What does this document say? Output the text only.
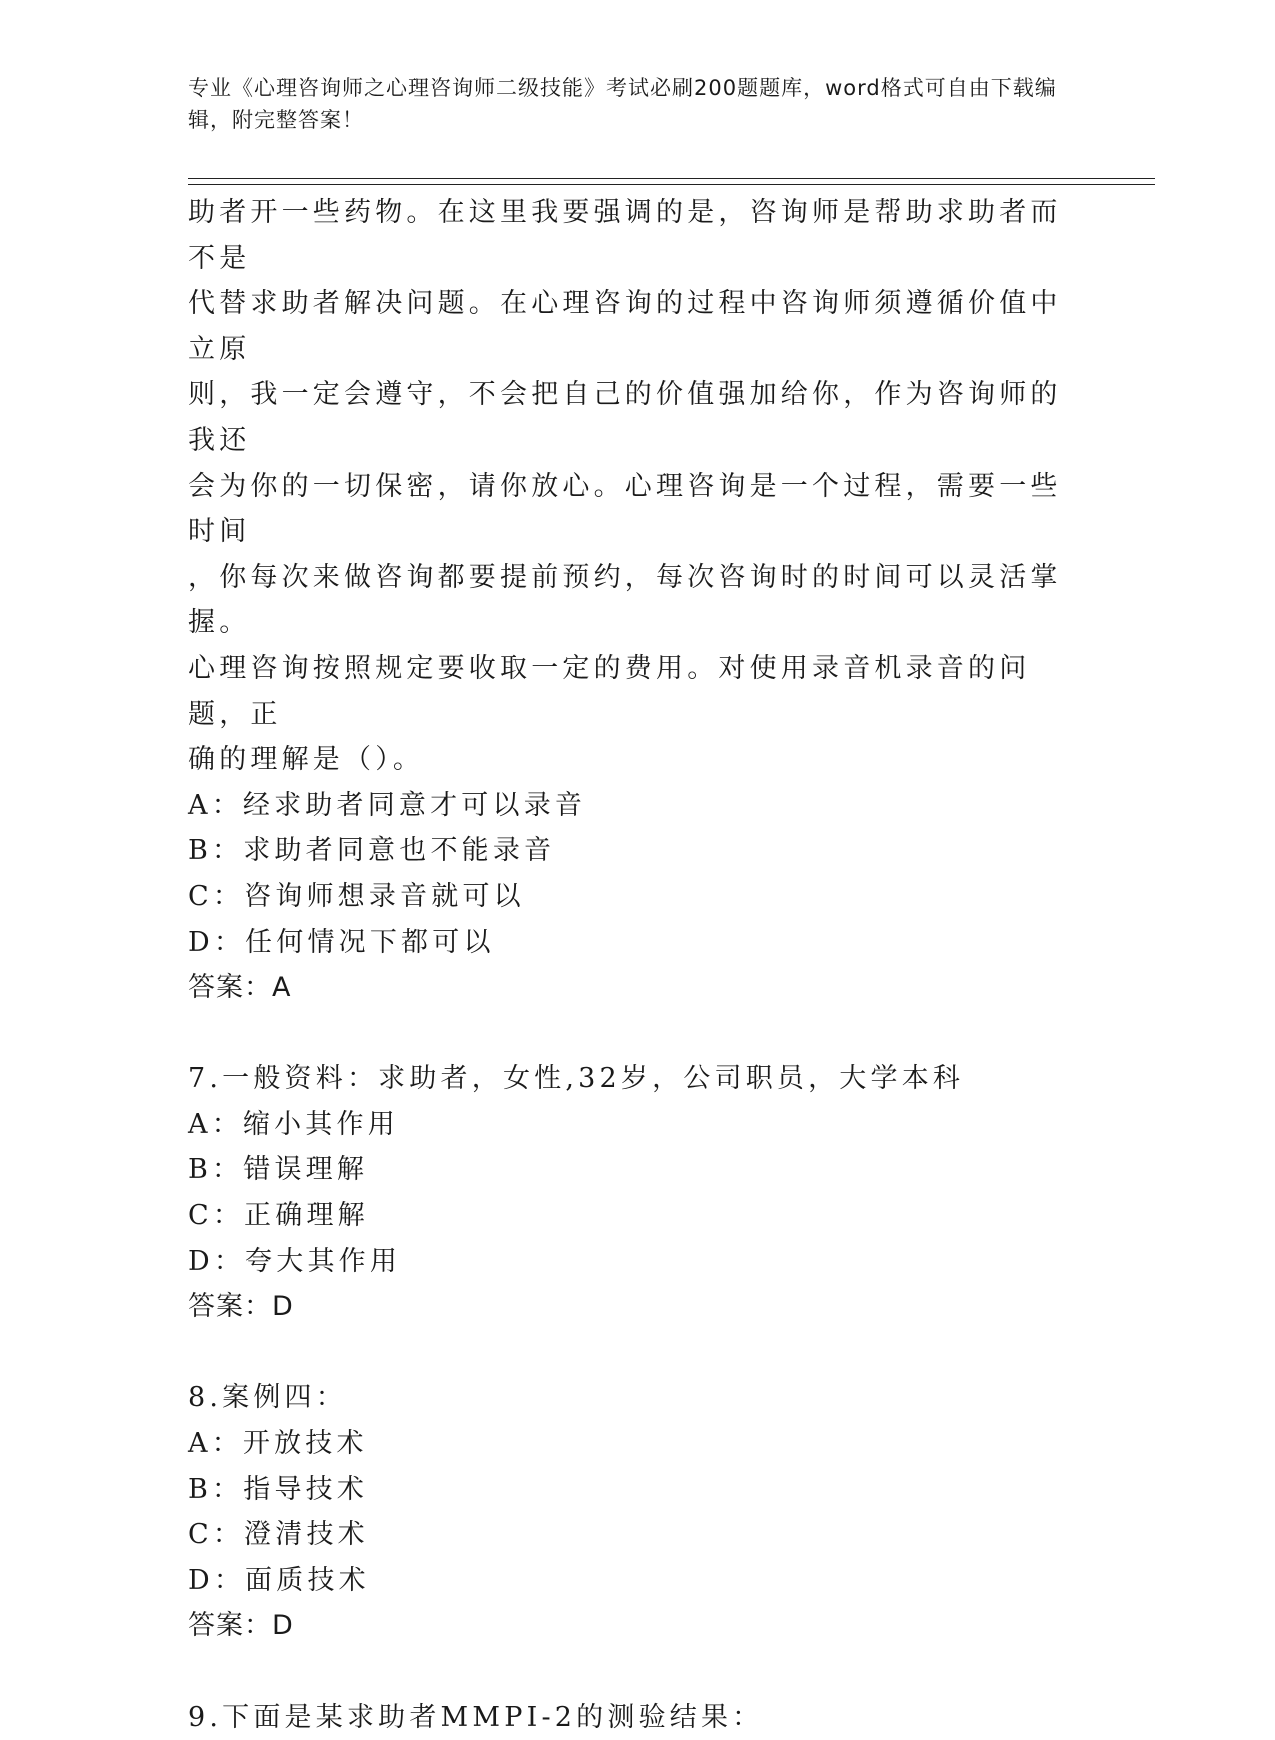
专业《心理咨询师之心理咨询师二级技能》考试必刷200题题库，word格式可自由下载编辑，附完整答案！

助者开一些药物。在这里我要强调的是，咨询师是帮助求助者而不是

代替求助者解决问题。在心理咨询的过程中咨询师须遵循价值中立原

则，我一定会遵守，不会把自己的价值强加给你，作为咨询师的我还

会为你的一切保密，请你放心。心理咨询是一个过程，需要一些时间

，你每次来做咨询都要提前预约，每次咨询时的时间可以灵活掌握。

心理咨询按照规定要收取一定的费用。对使用录音机录音的问题，正

确的理解是（）。

A：经求助者同意才可以录音

B：求助者同意也不能录音

C：咨询师想录音就可以

D：任何情况下都可以

答案：A

7.一般资料：求助者，女性,32岁，公司职员，大学本科

A：缩小其作用

B：错误理解

C：正确理解

D：夸大其作用

答案：D

8.案例四：

A：开放技术

B：指导技术

C：澄清技术

D：面质技术

答案：D

9.下面是某求助者MMPI-2的测验结果：
